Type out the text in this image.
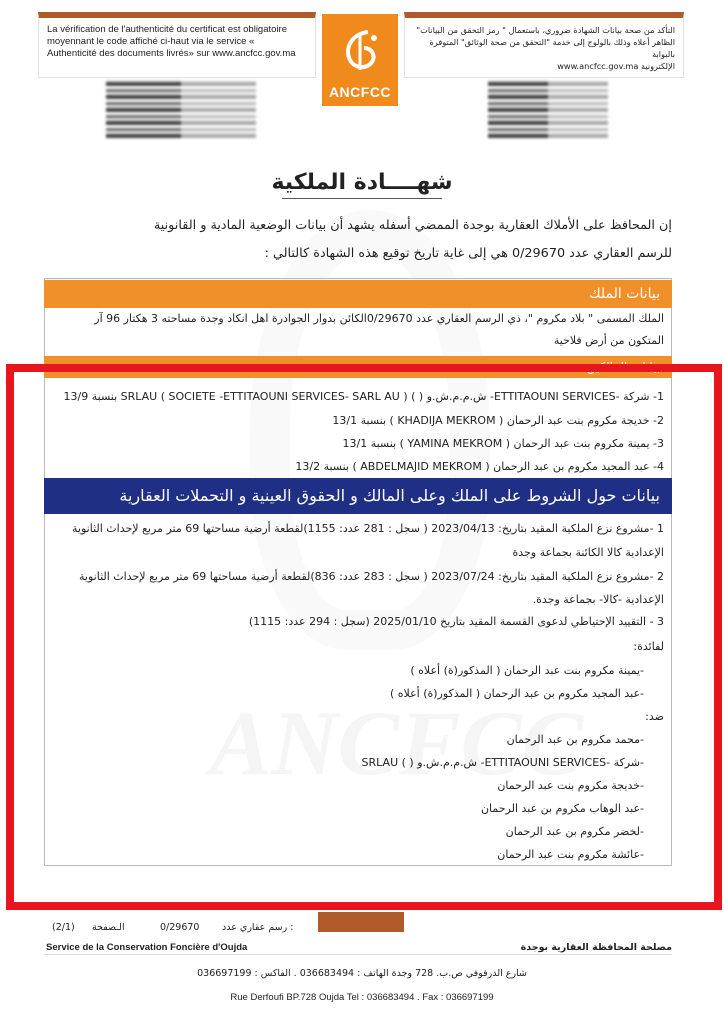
La vérification de l'authenticité du certificat est obligatoire
moyennant le code affiché ci-haut via le service «
Authenticité des documents livrés» sur www.ancfcc.gov.ma
ANCFCC
التأكد من صحة بيانات الشهادة ضروري، باستعمال " رمز التحقق من البيانات"
الظاهر أعلاه وذلك بالولوج إلى خدمة "التحقق من صحة الوثائق" المتوفرة بالبوابة
الإلكترونية www.ancfcc.gov.ma
شهــــادة الملكية
إن المحافظ على الأملاك العقارية بوجدة الممضي أسفله يشهد أن بيانات الوضعية المادية و القانونية
للرسم العقاري عدد 0/29670 هي إلى غاية تاريخ توقيع هذه الشهادة كالتالي :
بيانات الملك
الملك المسمى " بلاد مكروم "، ذي الرسم العقاري عدد 0/29670الكائن بدوار الجوادرة اهل انكاد وجدة مساحته 3 هكتار 96 آر
المتكون من أرض فلاحية
بيانات المالكين
1- شركة -ETTITAOUNI SERVICES- ش.م.م.ش.و ( ) SRLAU ( SOCIETE -ETTITAOUNI SERVICES- SARL AU ) بنسبة 13/9
2- خديجة مكروم بنت عبد الرحمان ( KHADIJA MEKROM ) بنسبة 13/1
3- يمينة مكروم بنت عبد الرحمان ( YAMINA MEKROM ) بنسبة 13/1
4- عبد المجيد مكروم بن عبد الرحمان ( ABDELMAJID MEKROM ) بنسبة 13/2
بيانات حول الشروط على الملك وعلى المالك و الحقوق العينية و التحملات العقارية
1 -مشروع نزع الملكية المقيد بتاريخ: 2023/04/13 ( سجل : 281 عدد: 1155)لقطعة أرضية مساحتها 69 متر مربع لإحداث الثانوية
الإعدادية كالا الكائنة بجماعة وجدة
2 -مشروع نزع الملكية المقيد بتاريخ: 2023/07/24 ( سجل : 283 عدد: 836)لقطعة أرضية مساحتها 69 متر مربع لإحداث الثانوية
الإعدادية -كالا- بجماعة وجدة.
3 - التقييد الإحتياطي لدعوى القسمة المقيد بتاريخ 2025/01/10 (سجل : 294 عدد: 1115)
لفائدة:
-يمينة مكروم بنت عبد الرحمان ( المذكور(ة) أعلاه )
-عبد المجيد مكروم بن عبد الرحمان ( المذكور(ة) أعلاه )
ضد:
-محمد مكروم بن عبد الرحمان
-شركة -ETTITAOUNI SERVICES- ش.م.م.ش.و ( ) SRLAU
-خديجة مكروم بنت عبد الرحمان
-عبد الوهاب مكروم بن عبد الرحمان
-لخضر مكروم بن عبد الرحمان
-عائشة مكروم بنت عبد الرحمان
(2/1) الـصفحة	0/29670 رسم عقاري عدد :
Service de la Conservation Foncière d'Oujda	مصلحة المحافظة العقارية بوجدة
شارع الدرفوفي ص.ب. 728 وجدة الهاتف : 036683494 . الفاكس : 036697199
Rue Derfoufi BP.728 Oujda Tel : 036683494 . Fax : 036697199
